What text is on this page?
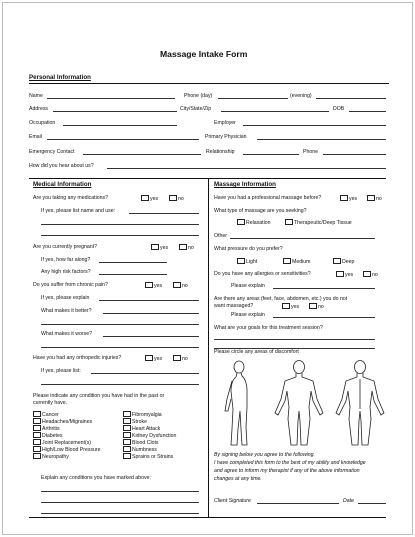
Massage Intake Form
Personal Information
Name	Phone (day)	(evening)
Address	City/State/Zip	DOB
Occupation	Employer
Email	Primary Physician
Emergency Contact	Relationship	Phone
How did you hear about us?
Medical Information
Are you taking any medications?	yes	no
If yes, please list name and use:
Are you currently pregnant?	yes	no
If yes, how far along?
Any high risk factors?
Do you suffer from chronic pain?	yes	no
If yes, please explain
What makes it better?
What makes it worse?
Have you had any orthopedic injuries?	yes	no
If yes, please list:
Please indicate any condition you have had in the past or
currently have.
Cancer
Headaches/Migraines
Arthritis
Diabetes
Joint Replacement(s)
High/Low Blood Pressure
Neuropathy
Fibromyalgia
Stroke
Heart Attack
Kidney Dysfunction
Blood Clots
Numbness
Sprains or Strains
Explain any conditions you have marked above:
Massage Information
Have you had a professional massage before?	yes	no
What type of massage are you seeking?
Relaxation	Therapeutic/Deep Tissue
Other
What pressure do you prefer?
Light	Medium	Deep
Do you have any allergies or sensitivities?	yes	no
Please explain
Are there any areas (feet, face, abdomen, etc.) you do not
want massaged?	yes	no
Please explain
What are your goals for this treatment session?
Please circle any areas of discomfort
By signing below you agree to the following.
I have completed this form to the best of my ability and knowledge
and agree to inform my therapist if any of the above information
changes at any time.
Client Signature	Date
